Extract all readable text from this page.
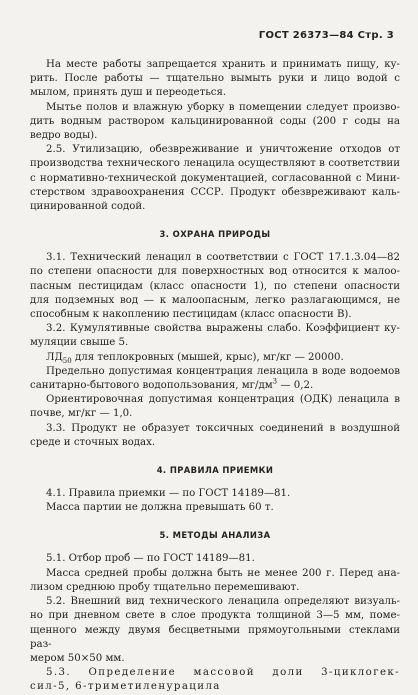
ГОСТ 26373—84 Стр. 3
На месте работы запрещается хранить и принимать пищу, ку-
рить. После работы — тщательно вымыть руки и лицо водой с
мылом, принять душ и переодеться.
Мытье полов и влажную уборку в помещении следует произво-
дить водным раствором кальцинированной соды (200 г соды на
ведро воды).
2.5. Утилизацию, обезвреживание и уничтожение отходов от
производства технического ленацила осуществляют в соответствии
с нормативно-технической документацией, согласованной с Мини-
стерством здравоохранения СССР. Продукт обезвреживают каль-
цинированной содой.
3. ОХРАНА ПРИРОДЫ
3.1. Технический ленацил в соответствии с ГОСТ 17.1.3.04—82
по степени опасности для поверхностных вод относится к малоо-
пасным пестицидам (класс опасности 1), по степени опасности
для подземных вод — к малоопасным, легко разлагающимся, не
способным к накоплению пестицидам (класс опасности В).
3.2. Кумулятивные свойства выражены слабо. Коэффициент ку-
муляции свыше 5.
$ЛД_{50}$ для теплокровных (мышей, крыс), мг/кг — 20000.
Предельно допустимая концентрация ленацила в воде водоемов
санитарно-бытового водопользования, $мг/дм^3$ — 0,2.
Ориентировочная допустимая концентрация (ОДК) ленацила в
почве, мг/кг — 1,0.
3.3. Продукт не образует токсичных соединений в воздушной
среде и сточных водах.
4. ПРАВИЛА ПРИЕМКИ
4.1. Правила приемки — по ГОСТ 14189—81.
Масса партии не должна превышать 60 т.
5. МЕТОДЫ АНАЛИЗА
5.1. Отбор проб — по ГОСТ 14189—81.
Масса средней пробы должна быть не менее 200 г. Перед ана-
лизом среднюю пробу тщательно перемешивают.
5.2. Внешний вид технического ленацила определяют визуаль-
но при дневном свете в слое продукта толщиной 3—5 мм, поме-
щенного между двумя бесцветными прямоугольными стеклами раз-
мером 50×50 мм.
5.3. Определение массовой доли 3-циклогек-
сил-5, 6-триметиленурацила
